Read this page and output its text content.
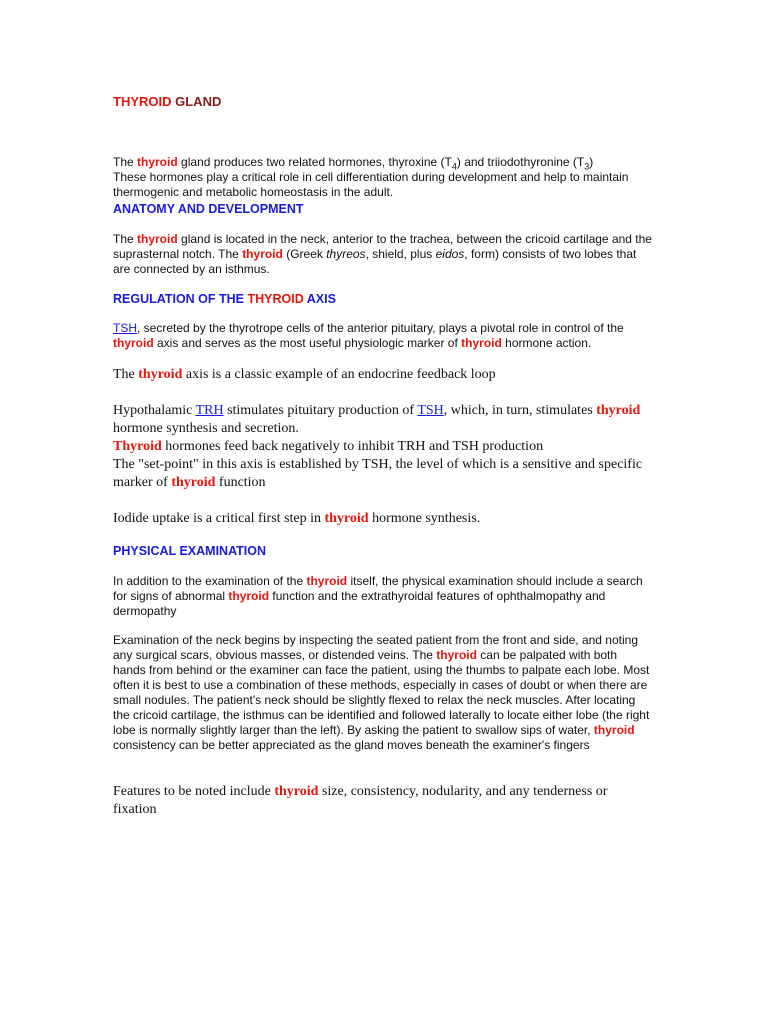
THYROID GLAND

The thyroid gland produces two related hormones, thyroxine $(T_4)$ and triiodothyronine $(T_3)$
These hormones play a critical role in cell differentiation during development and help to maintain thermogenic and metabolic homeostasis in the adult.

ANATOMY AND DEVELOPMENT

The thyroid gland is located in the neck, anterior to the trachea, between the cricoid cartilage and the suprasternal notch. The thyroid (Greek thyreos, shield, plus eidos, form) consists of two lobes that are connected by an isthmus.

REGULATION OF THE THYROID AXIS

TSH, secreted by the thyrotrope cells of the anterior pituitary, plays a pivotal role in control of the thyroid axis and serves as the most useful physiologic marker of thyroid hormone action.

The thyroid axis is a classic example of an endocrine feedback loop

Hypothalamic TRH stimulates pituitary production of TSH, which, in turn, stimulates thyroid hormone synthesis and secretion.
Thyroid hormones feed back negatively to inhibit TRH and TSH production
The "set-point" in this axis is established by TSH, the level of which is a sensitive and specific marker of thyroid function

Iodide uptake is a critical first step in thyroid hormone synthesis.

PHYSICAL EXAMINATION

In addition to the examination of the thyroid itself, the physical examination should include a search for signs of abnormal thyroid function and the extrathyroidal features of ophthalmopathy and dermopathy

Examination of the neck begins by inspecting the seated patient from the front and side, and noting any surgical scars, obvious masses, or distended veins. The thyroid can be palpated with both hands from behind or the examiner can face the patient, using the thumbs to palpate each lobe. Most often it is best to use a combination of these methods, especially in cases of doubt or when there are small nodules. The patient's neck should be slightly flexed to relax the neck muscles. After locating the cricoid cartilage, the isthmus can be identified and followed laterally to locate either lobe (the right lobe is normally slightly larger than the left). By asking the patient to swallow sips of water, thyroid consistency can be better appreciated as the gland moves beneath the examiner's fingers

Features to be noted include thyroid size, consistency, nodularity, and any tenderness or fixation
